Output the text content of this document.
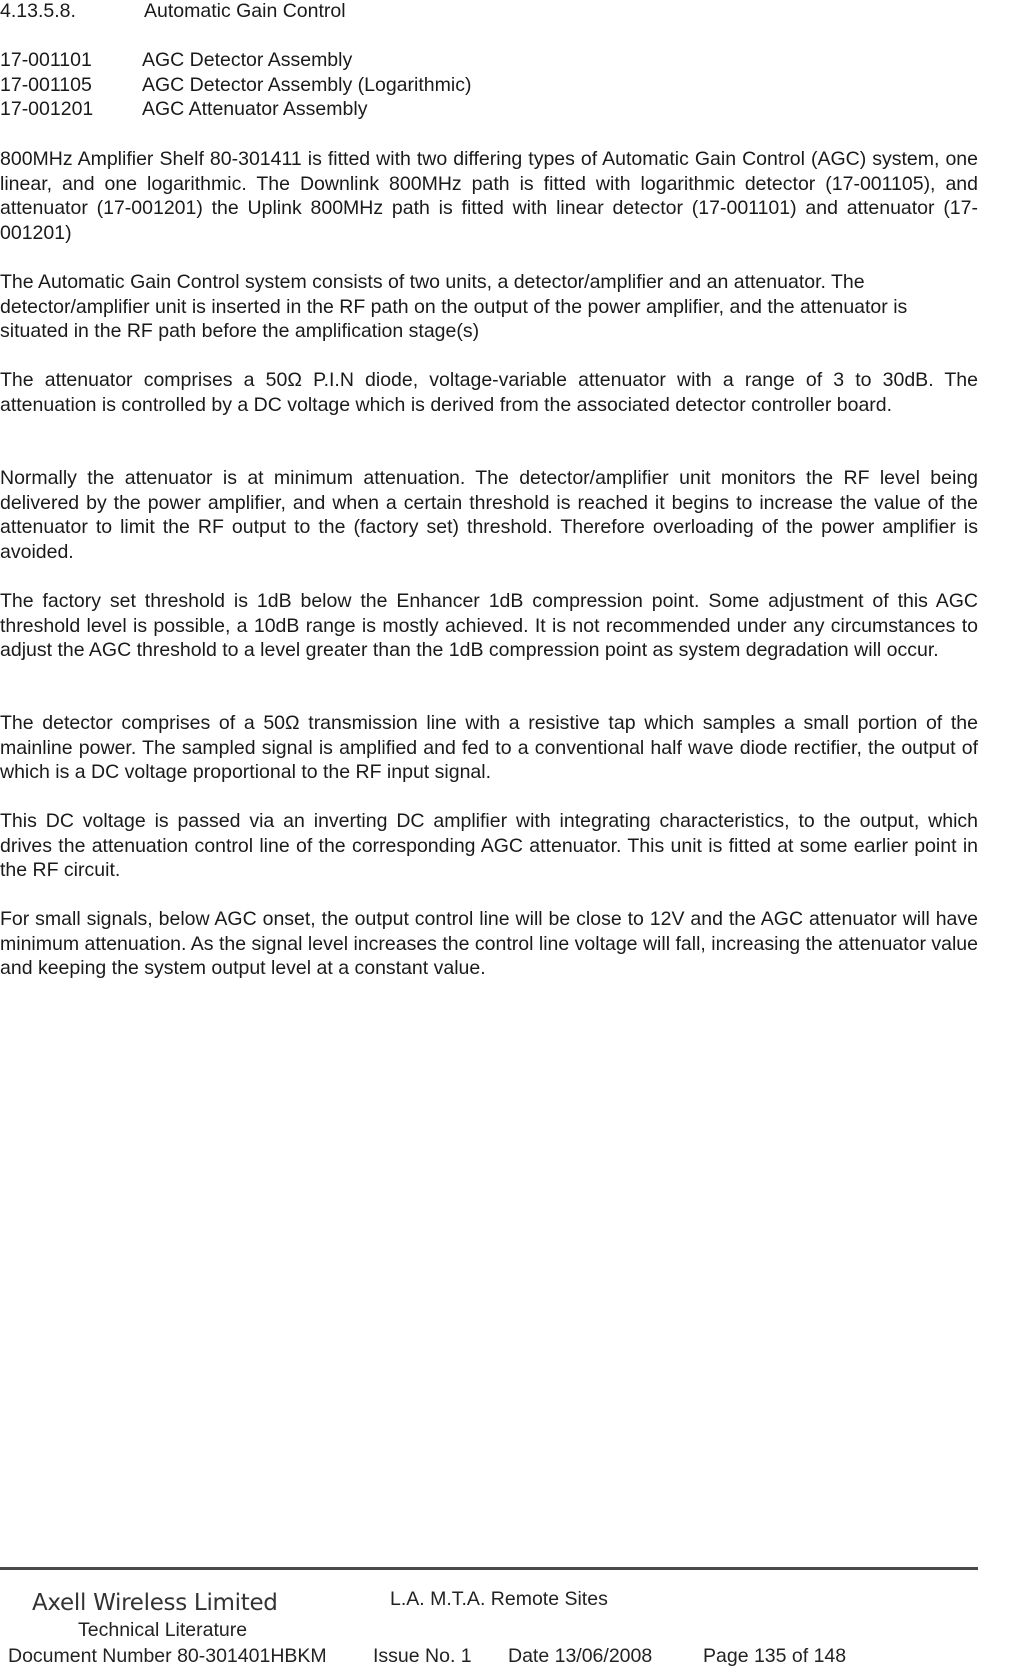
4.13.5.8.	Automatic Gain Control
17-001101	AGC Detector Assembly
17-001105	AGC Detector Assembly (Logarithmic)
17-001201 AGC Attenuator Assembly

800MHz Amplifier Shelf 80-301411 is fitted with two differing types of Automatic Gain Control (AGC) system, one linear, and one logarithmic. The Downlink 800MHz path is fitted with logarithmic detector (17-001105), and attenuator (17-001201) the Uplink 800MHz path is fitted with linear detector (17-001101) and attenuator (17-001201)

The Automatic Gain Control system consists of two units, a detector/amplifier and an attenuator. The detector/amplifier unit is inserted in the RF path on the output of the power amplifier, and the attenuator is situated in the RF path before the amplification stage(s)

The attenuator comprises a 50Ω P.I.N diode, voltage-variable attenuator with a range of 3 to 30dB. The attenuation is controlled by a DC voltage which is derived from the associated detector controller board.

Normally the attenuator is at minimum attenuation. The detector/amplifier unit monitors the RF level being delivered by the power amplifier, and when a certain threshold is reached it begins to increase the value of the attenuator to limit the RF output to the (factory set) threshold. Therefore overloading of the power amplifier is avoided.

The factory set threshold is 1dB below the Enhancer 1dB compression point. Some adjustment of this AGC threshold level is possible, a 10dB range is mostly achieved. It is not recommended under any circumstances to adjust the AGC threshold to a level greater than the 1dB compression point as system degradation will occur.

The detector comprises of a 50Ω transmission line with a resistive tap which samples a small portion of the mainline power. The sampled signal is amplified and fed to a conventional half wave diode rectifier, the output of which is a DC voltage proportional to the RF input signal.

This DC voltage is passed via an inverting DC amplifier with integrating characteristics, to the output, which drives the attenuation control line of the corresponding AGC attenuator. This unit is fitted at some earlier point in the RF circuit.

For small signals, below AGC onset, the output control line will be close to 12V and the AGC attenuator will have minimum attenuation. As the signal level increases the control line voltage will fall, increasing the attenuator value and keeping the system output level at a constant value.

Axell Wireless Limited	L.A. M.T.A. Remote Sites
Technical Literature
Document Number 80-301401HBKM Issue No. 1 Date 13/06/2008	Page 135 of 148
